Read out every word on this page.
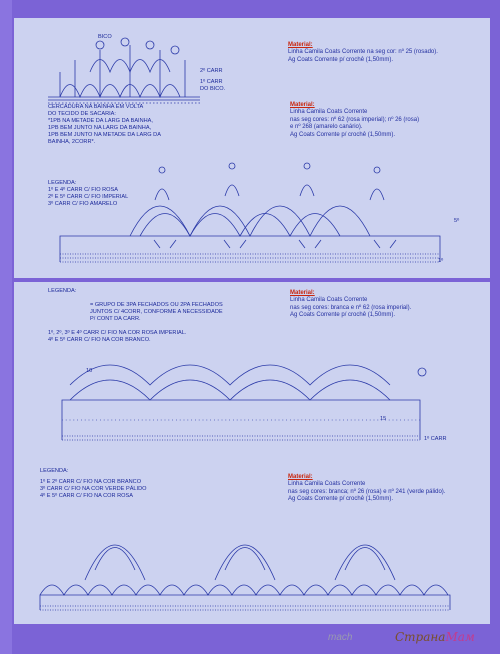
BICO
2º CARR
1º CARR
DO BICO.
CERCADURA NA BAINHA EM VOLTA
DO TECIDO DE SACARIA:
*1PB NA METADE DA LARG DA BAINHA,
1PB BEM JUNTO NA LARG DA BAINHA,
1PB BEM JUNTO NA METADE DA LARG DA
BAINHA, 2CORR*.
Material:
Linha Camila Coats Corrente na seg cor: nº 25 (rosado).
Ag Coats Corrente p/ crochê (1,50mm).
Material:
Linha Camila Coats Corrente
nas seg cores: nº 62 (rosa imperial); nº 26 (rosa)
e nº 268 (amarelo canário).
Ag Coats Corrente p/ crochê (1,50mm).
LEGENDA:
1º E 4º CARR C/ FIO ROSA
2º E 5º CARR C/ FIO IMPERIAL
3º CARR C/ FIO AMARELO
5º
1º
LEGENDA:
= GRUPO DE 3PA FECHADOS OU 2PA FECHADOS
JUNTOS C/ 4CORR, CONFORME A NECESSIDADE
P/ CONT DA CARR.
1º, 2º, 3º E 4º CARR C/ FIO NA COR ROSA IMPERIAL.
4º E 5º CARR C/ FIO NA COR BRANCO.
Material:
Linha Camila Coats Corrente
nas seg cores: branca e nº 62 (rosa imperial).
Ag Coats Corrente p/ crochê (1,50mm).
10
15
1º CARR
LEGENDA:
1º E 2º CARR C/ FIO NA COR BRANCO
3º CARR C/ FIO NA COR VERDE PÁLIDO
4º E 5º CARR C/ FIO NA COR ROSA
Material:
Linha Camila Coats Corrente
nas seg cores: branca; nº 26 (rosa) e nº 241 (verde pálido).
Ag Coats Corrente p/ crochê (1,50mm).
mach	СтранаМам
